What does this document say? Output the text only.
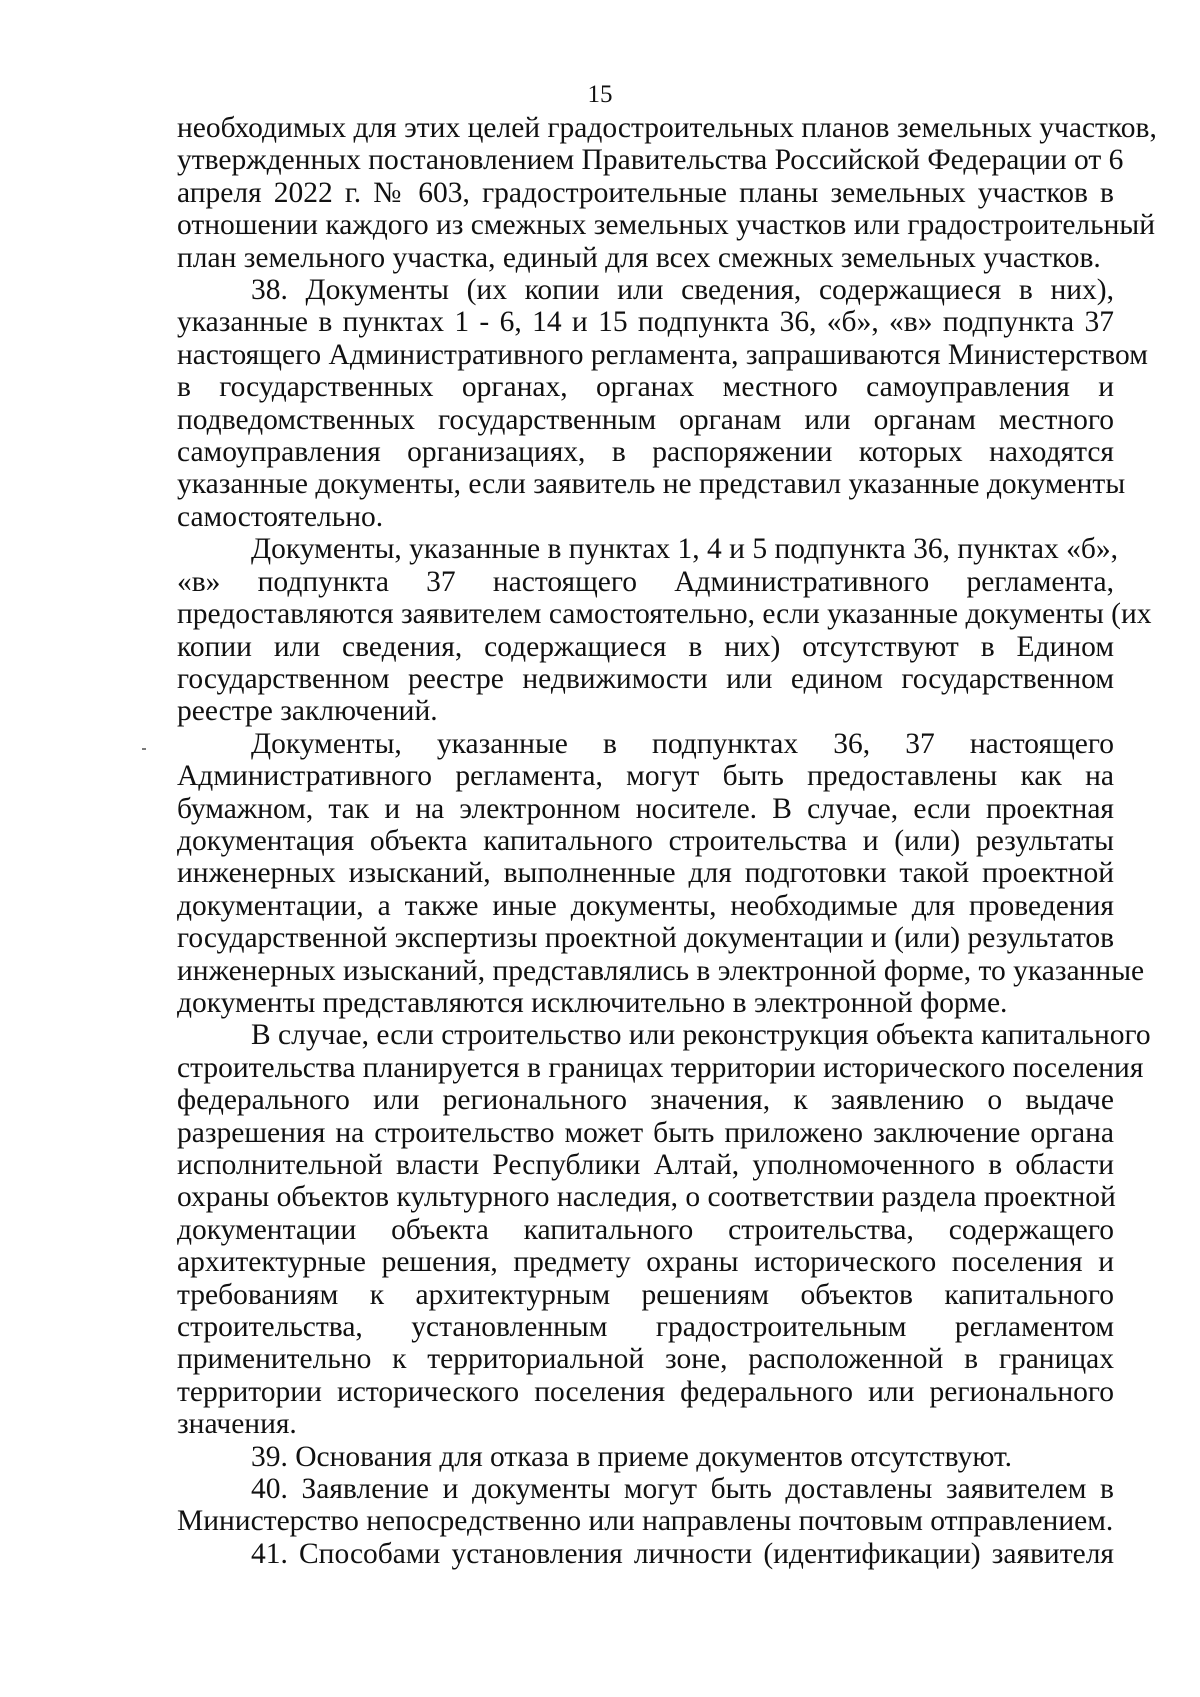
15
необходимых для этих целей градостроительных планов земельных участков,
утвержденных постановлением Правительства Российской Федерации от 6
апреля 2022 г. № 603, градостроительные планы земельных участков в
отношении каждого из смежных земельных участков или градостроительный
план земельного участка, единый для всех смежных земельных участков.
38. Документы (их копии или сведения, содержащиеся в них),
указанные в пунктах 1 - 6, 14 и 15 подпункта 36, «б», «в» подпункта 37
настоящего Административного регламента, запрашиваются Министерством
в государственных органах, органах местного самоуправления и
подведомственных государственным органам или органам местного
самоуправления организациях, в распоряжении которых находятся
указанные документы, если заявитель не представил указанные документы
самостоятельно.
Документы, указанные в пунктах 1, 4 и 5 подпункта 36, пунктах «б»,
«в» подпункта 37 настоящего Административного регламента,
предоставляются заявителем самостоятельно, если указанные документы (их
копии или сведения, содержащиеся в них) отсутствуют в Едином
государственном реестре недвижимости или едином государственном
реестре заключений.
Документы, указанные в подпунктах 36, 37 настоящего
Административного регламента, могут быть предоставлены как на
бумажном, так и на электронном носителе. В случае, если проектная
документация объекта капитального строительства и (или) результаты
инженерных изысканий, выполненные для подготовки такой проектной
документации, а также иные документы, необходимые для проведения
государственной экспертизы проектной документации и (или) результатов
инженерных изысканий, представлялись в электронной форме, то указанные
документы представляются исключительно в электронной форме.
В случае, если строительство или реконструкция объекта капитального
строительства планируется в границах территории исторического поселения
федерального или регионального значения, к заявлению о выдаче
разрешения на строительство может быть приложено заключение органа
исполнительной власти Республики Алтай, уполномоченного в области
охраны объектов культурного наследия, о соответствии раздела проектной
документации объекта капитального строительства, содержащего
архитектурные решения, предмету охраны исторического поселения и
требованиям к архитектурным решениям объектов капитального
строительства, установленным градостроительным регламентом
применительно к территориальной зоне, расположенной в границах
территории исторического поселения федерального или регионального
значения.
39. Основания для отказа в приеме документов отсутствуют.
40. Заявление и документы могут быть доставлены заявителем в
Министерство непосредственно или направлены почтовым отправлением.
41. Способами установления личности (идентификации) заявителя
